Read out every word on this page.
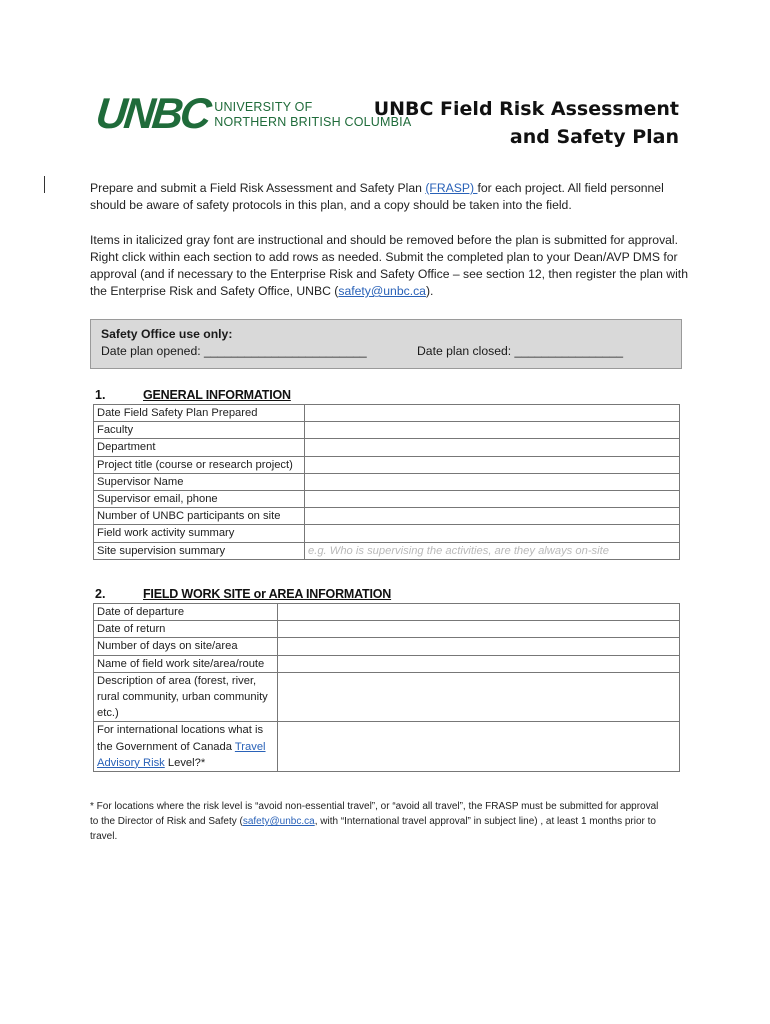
UNBC UNIVERSITY OF
NORTHERN BRITISH COLUMBIA
UNBC Field Risk Assessment
and Safety Plan

Prepare and submit a Field Risk Assessment and Safety Plan (FRASP) for each project. All field personnel should be aware of safety protocols in this plan, and a copy should be taken into the field.

Items in italicized gray font are instructional and should be removed before the plan is submitted for approval. Right click within each section to add rows as needed. Submit the completed plan to your Dean/AVP DMS for approval (and if necessary to the Enterprise Risk and Safety Office – see section 12, then register the plan with the Enterprise Risk and Safety Office, UNBC (safety@unbc.ca).

Safety Office use only:
Date plan opened: ________________________	Date plan closed: ________________
1.	GENERAL INFORMATION
Date Field Safety Plan Prepared	
Faculty	
Department	
Project title (course or research project)	
Supervisor Name	
Supervisor email, phone	
Number of UNBC participants on site	
Field work activity summary	
Site supervision summary	e.g. Who is supervising the activities, are they always on-site
2.	FIELD WORK SITE or AREA INFORMATION
Date of departure	
Date of return	
Number of days on site/area	
Name of field work site/area/route	
Description of area (forest, river, rural community, urban community etc.)	
For international locations what is the Government of Canada Travel Advisory Risk Level?*	
* For locations where the risk level is “avoid non-essential travel”, or “avoid all travel”, the FRASP must be submitted for approval to the Director of Risk and Safety (safety@unbc.ca, with “International travel approval” in subject line) , at least 1 months prior to travel.
